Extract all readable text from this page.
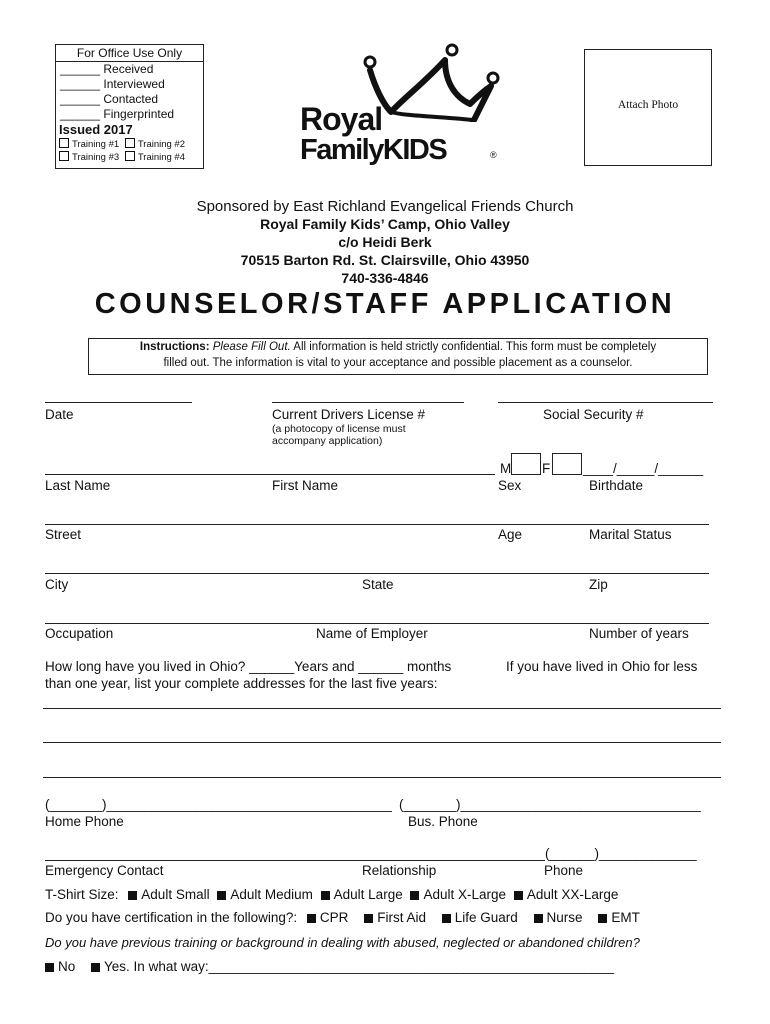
For Office Use Only
______ Received
______ Interviewed
______ Contacted
______ Fingerprinted
Issued 2017
Training #1 Training #2
Training #3 Training #4
Royal
FamilyKIDS	®
Attach Photo
Sponsored by East Richland Evangelical Friends Church
Royal Family Kids’ Camp, Ohio Valley
c/o Heidi Berk
70515 Barton Rd. St. Clairsville, Ohio 43950
740-336-4846
COUNSELOR/STAFF APPLICATION
Instructions: Please Fill Out. All information is held strictly confidential. This form must be completely
filled out. The information is vital to your acceptance and possible placement as a counselor.
Date	Current Drivers License #
(a photocopy of license must
accompany application)
Social Security #
M F ____/_____/______
Last Name	First Name	Sex	Birthdate
Street	Age	Marital Status
City	State	Zip
Occupation	Name of Employer	Number of years
How long have you lived in Ohio? ______Years and ______ months	If you have lived in Ohio for less
than one year, list your complete addresses for the last five years:
(_______)______________________________________ (_______)________________________________
Home Phone	Bus. Phone
(______)_____________
Emergency Contact	Relationship	Phone
T-Shirt Size: Adult Small Adult Medium Adult Large Adult X-Large Adult XX-Large
Do you have certification in the following?: CPR First Aid Life Guard Nurse EMT
Do you have previous training or background in dealing with abused, neglected or abandoned children?
No Yes. In what way:______________________________________________________
